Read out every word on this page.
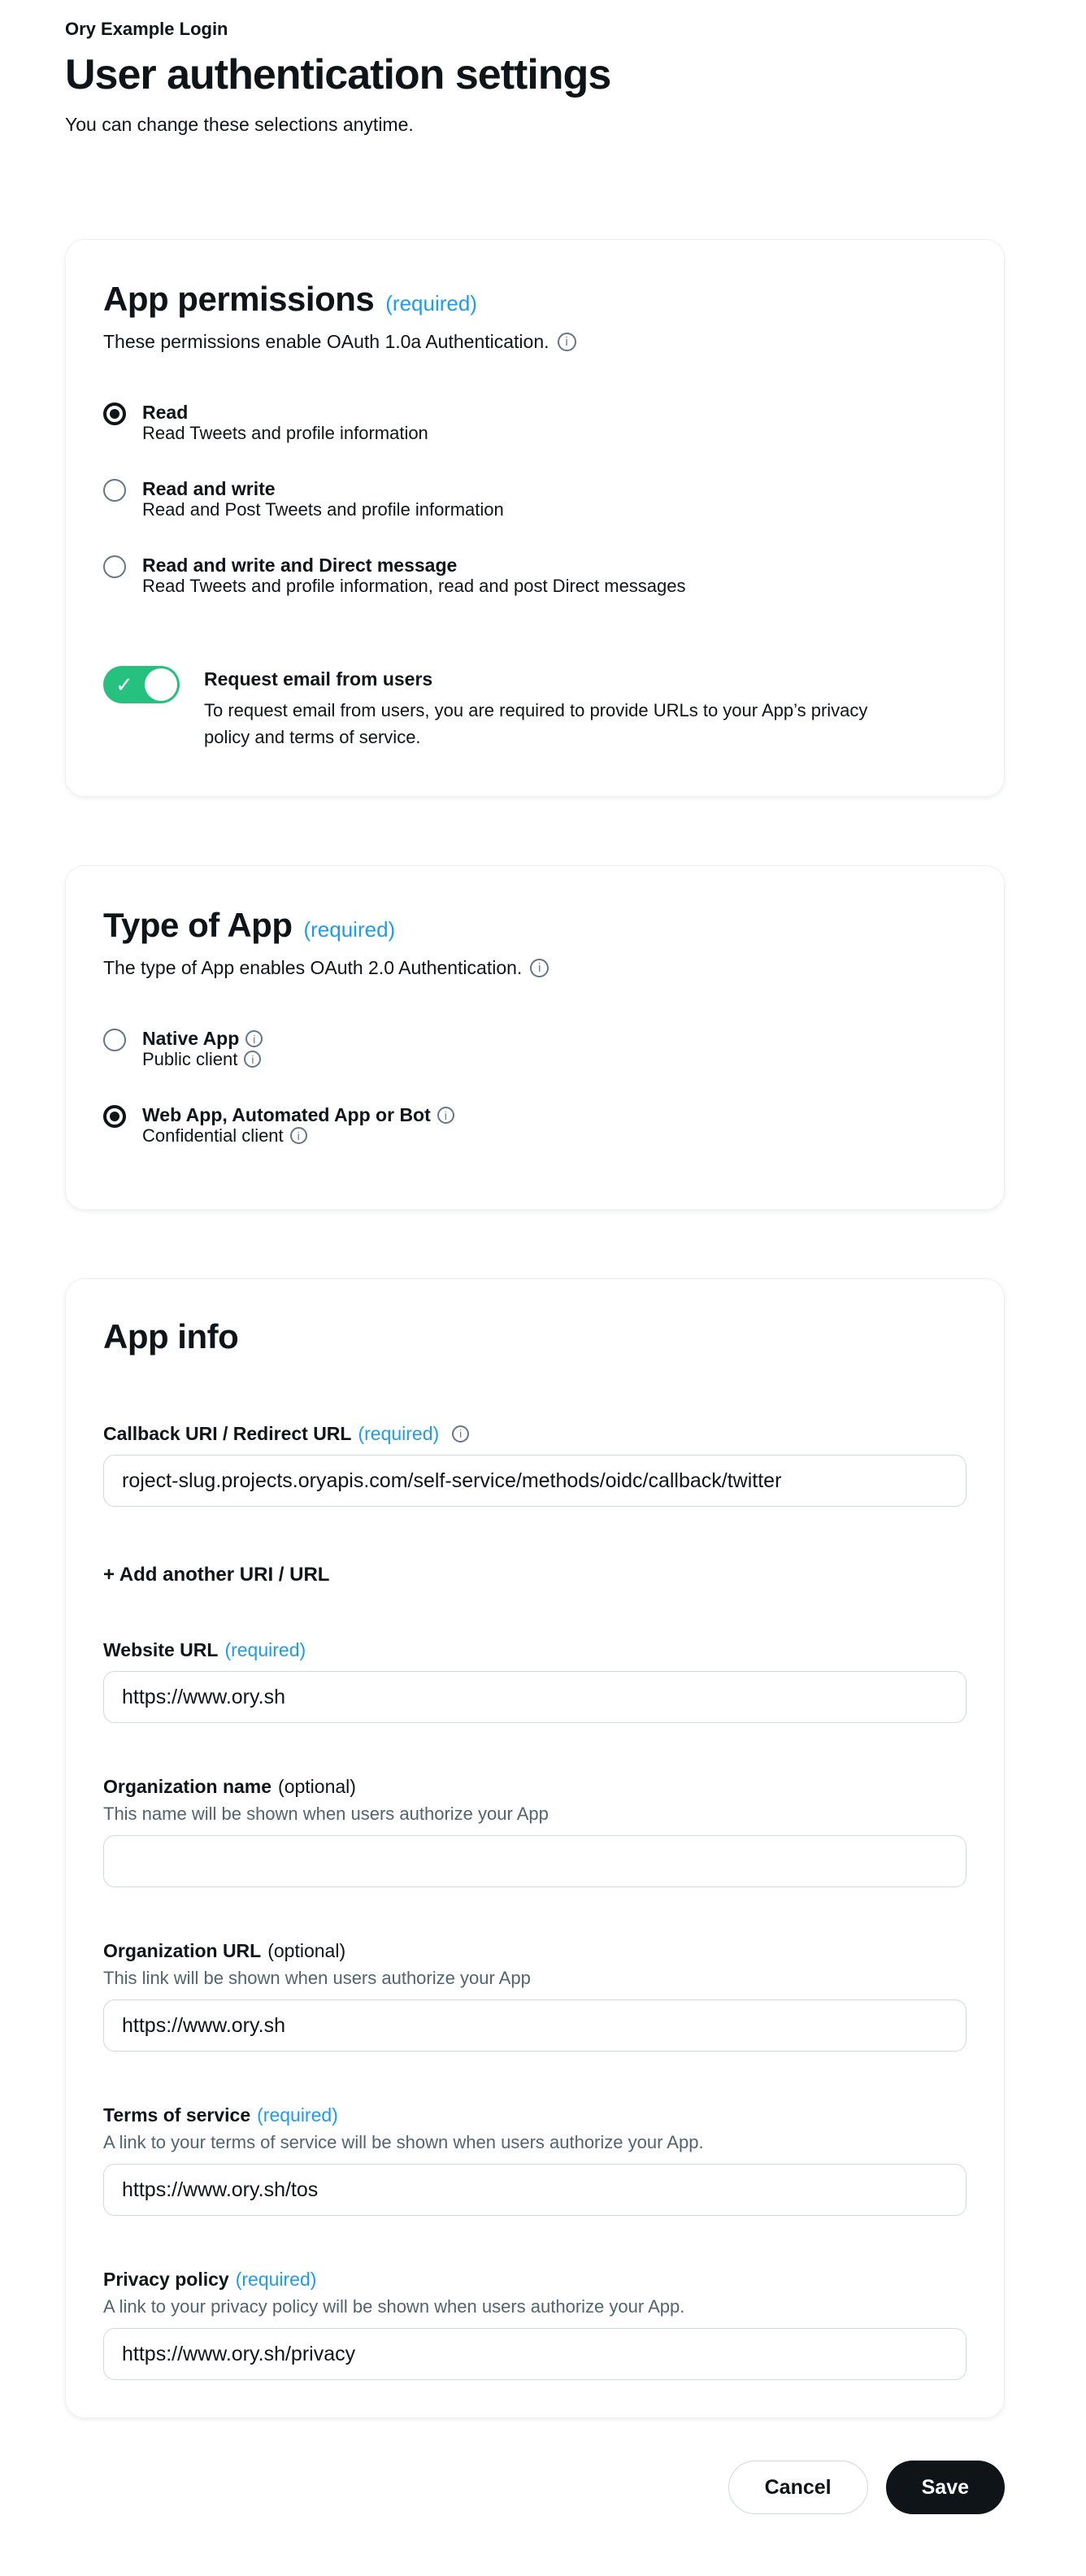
Ory Example Login
User authentication settings
You can change these selections anytime.
App permissions (required)
These permissions enable OAuth 1.0a Authentication.	i
Read
Read Tweets and profile information
Read and write
Read and Post Tweets and profile information
Read and write and Direct message
Read Tweets and profile information, read and post Direct messages
✓	Request email from users
To request email from users, you are required to provide URLs to your App’s privacy policy and terms of service.
Type of App (required)
The type of App enables OAuth 2.0 Authentication.	i
Native App	i
Public client	i
Web App, Automated App or Bot	i
Confidential client	i
App info
Callback URI / Redirect URL (required)	i
roject-slug.projects.oryapis.com/self-service/methods/oidc/callback/twitter
+ Add another URI / URL
Website URL (required)
https://www.ory.sh
Organization name (optional)
This name will be shown when users authorize your App
Organization URL (optional)
This link will be shown when users authorize your App
https://www.ory.sh
Terms of service (required)
A link to your terms of service will be shown when users authorize your App.
https://www.ory.sh/tos
Privacy policy (required)
A link to your privacy policy will be shown when users authorize your App.
https://www.ory.sh/privacy
Cancel	Save
